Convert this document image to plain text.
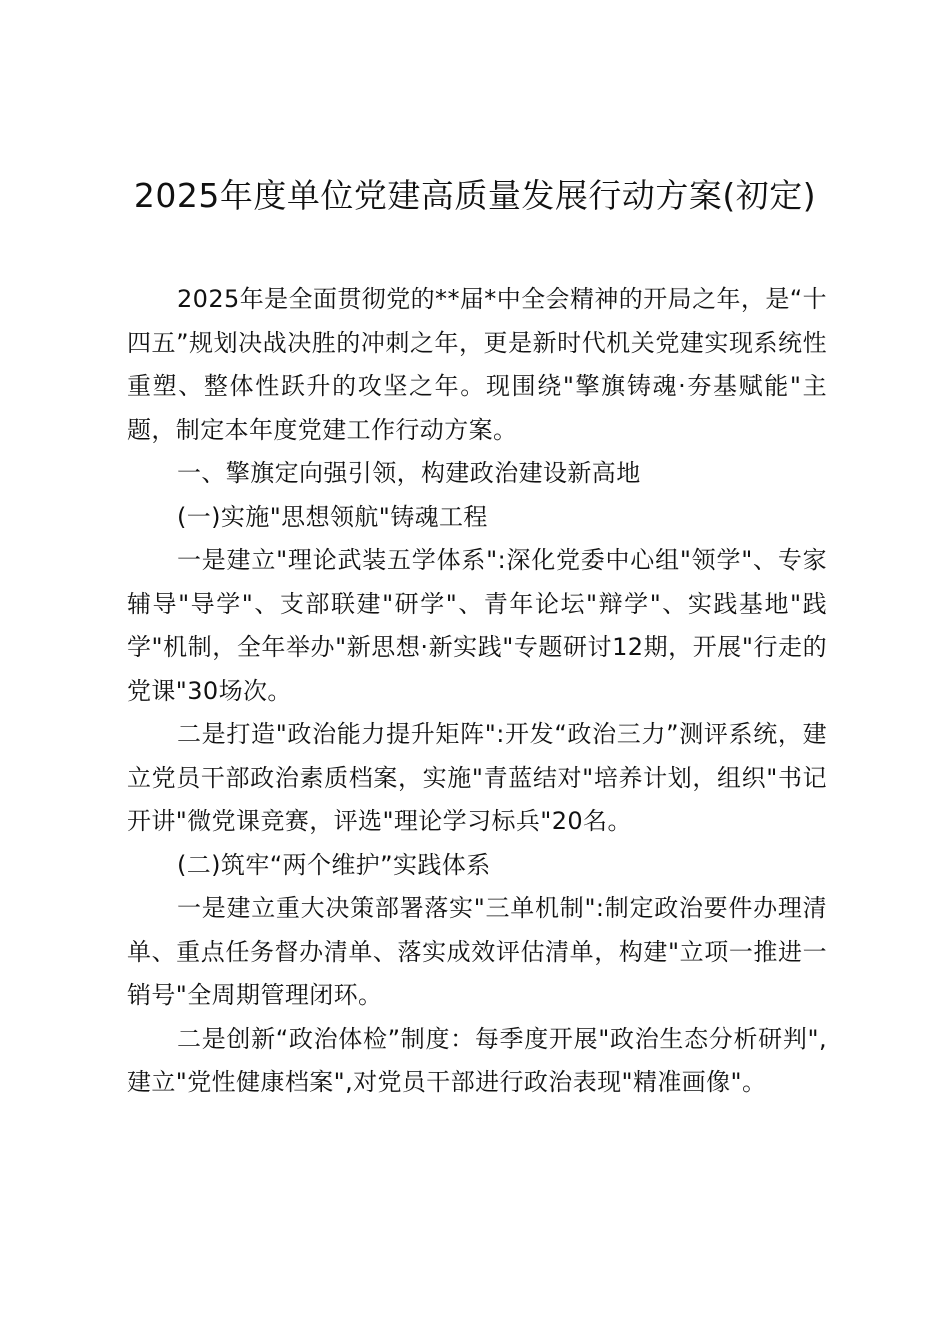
2025年度单位党建高质量发展行动方案(初定)

2025年是全面贯彻党的**届*中全会精神的开局之年，是“十四五”规划决战决胜的冲刺之年，更是新时代机关党建实现系统性重塑、整体性跃升的攻坚之年。现围绕"擎旗铸魂·夯基赋能"主题，制定本年度党建工作行动方案。

一、擎旗定向强引领，构建政治建设新高地

(一)实施"思想领航"铸魂工程

一是建立"理论武装五学体系":深化党委中心组"领学"、专家辅导"导学"、支部联建"研学"、青年论坛"辩学"、实践基地"践学"机制，全年举办"新思想·新实践"专题研讨12期，开展"行走的党课"30场次。

二是打造"政治能力提升矩阵":开发“政治三力”测评系统，建立党员干部政治素质档案，实施"青蓝结对"培养计划，组织"书记开讲"微党课竞赛，评选"理论学习标兵"20名。

(二)筑牢“两个维护”实践体系

一是建立重大决策部署落实"三单机制":制定政治要件办理清单、重点任务督办清单、落实成效评估清单，构建"立项一推进一销号"全周期管理闭环。

二是创新“政治体检”制度：每季度开展"政治生态分析研判",建立"党性健康档案",对党员干部进行政治表现"精准画像"。
